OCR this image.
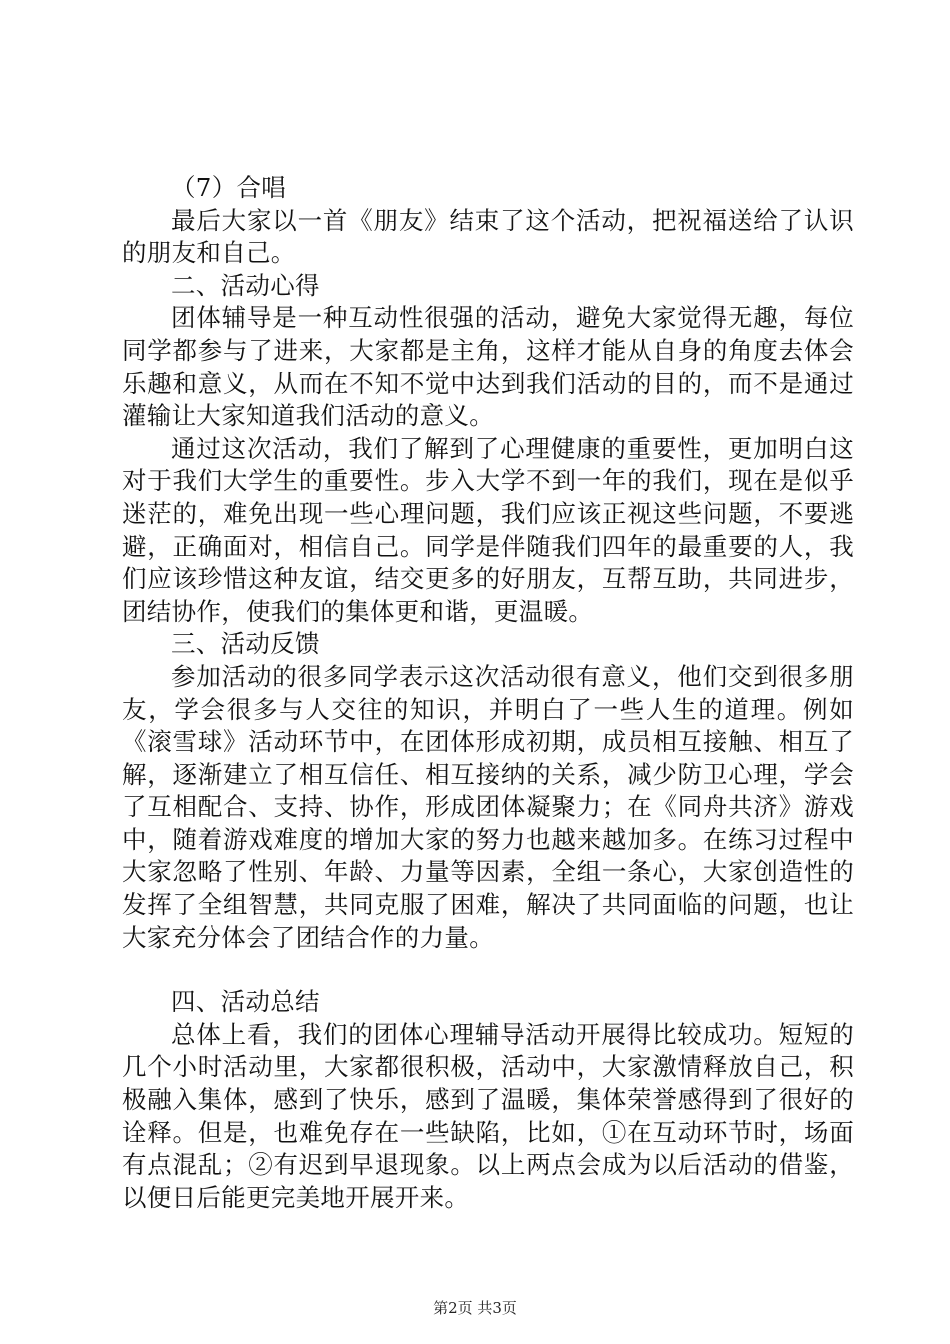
（7）合唱

最后大家以一首《朋友》结束了这个活动，把祝福送给了认识的朋友和自己。

二、活动心得

团体辅导是一种互动性很强的活动，避免大家觉得无趣，每位同学都参与了进来，大家都是主角，这样才能从自身的角度去体会乐趣和意义，从而在不知不觉中达到我们活动的目的，而不是通过灌输让大家知道我们活动的意义。

通过这次活动，我们了解到了心理健康的重要性，更加明白这对于我们大学生的重要性。步入大学不到一年的我们，现在是似乎迷茫的，难免出现一些心理问题，我们应该正视这些问题，不要逃避，正确面对，相信自己。同学是伴随我们四年的最重要的人，我们应该珍惜这种友谊，结交更多的好朋友，互帮互助，共同进步，团结协作，使我们的集体更和谐，更温暖。

三、活动反馈

参加活动的很多同学表示这次活动很有意义，他们交到很多朋友，学会很多与人交往的知识，并明白了一些人生的道理。例如《滚雪球》活动环节中，在团体形成初期，成员相互接触、相互了解，逐渐建立了相互信任、相互接纳的关系，减少防卫心理，学会了互相配合、支持、协作，形成团体凝聚力；在《同舟共济》游戏中，随着游戏难度的增加大家的努力也越来越加多。在练习过程中大家忽略了性别、年龄、力量等因素，全组一条心，大家创造性的发挥了全组智慧，共同克服了困难，解决了共同面临的问题，也让大家充分体会了团结合作的力量。

四、活动总结

总体上看，我们的团体心理辅导活动开展得比较成功。短短的几个小时活动里，大家都很积极，活动中，大家激情释放自己，积极融入集体，感到了快乐，感到了温暖，集体荣誉感得到了很好的诠释。但是，也难免存在一些缺陷，比如，①在互动环节时，场面有点混乱；②有迟到早退现象。以上两点会成为以后活动的借鉴，以便日后能更完美地开展开来。

第2页 共3页
